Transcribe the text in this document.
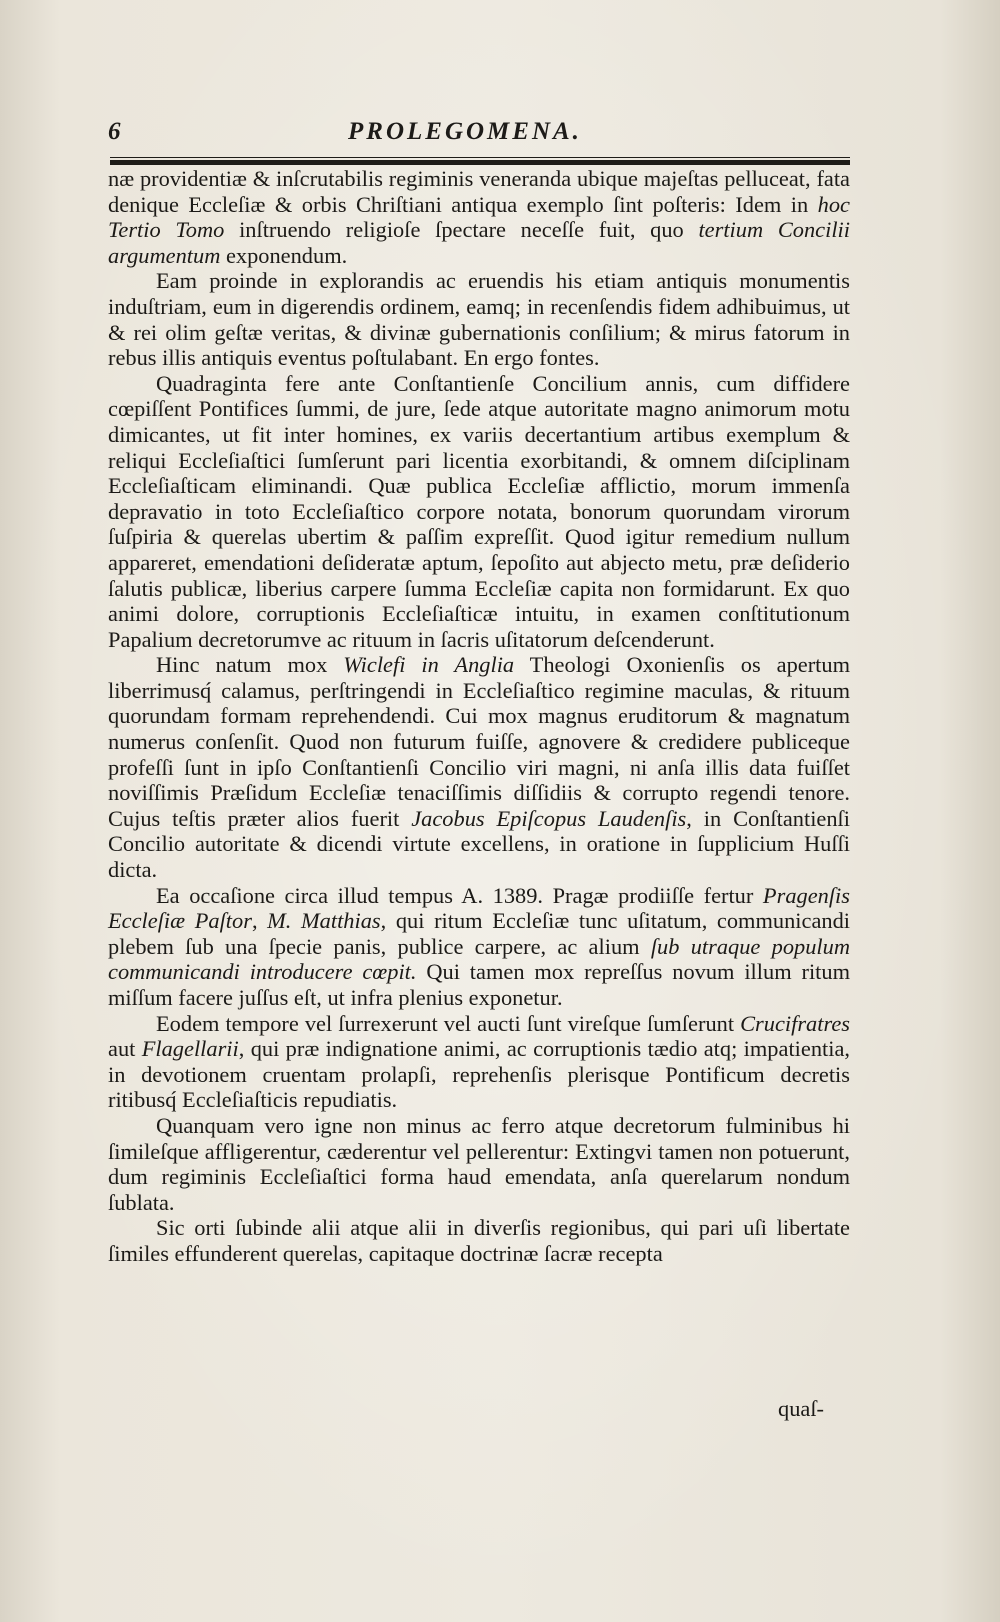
6	PROLEGOMENA.

næ providentiæ & inſcrutabilis regiminis veneranda ubique majeſtas pelluceat, fata denique Eccleſiæ & orbis Chriſtiani antiqua exemplo ſint poſteris: Idem in hoc Tertio Tomo inſtruendo religioſe ſpectare neceſſe fuit, quo tertium Concilii argumentum exponendum.

Eam proinde in explorandis ac eruendis his etiam antiquis monumentis induſtriam, eum in digerendis ordinem, eamq; in recenſendis fidem adhibuimus, ut & rei olim geſtæ veritas, & divinæ gubernationis conſilium; & mirus fatorum in rebus illis antiquis eventus poſtulabant. En ergo fontes.

Quadraginta fere ante Conſtantienſe Concilium annis, cum diffidere cœpiſſent Pontifices ſummi, de jure, ſede atque autoritate magno animorum motu dimicantes, ut fit inter homines, ex variis decertantium artibus exemplum & reliqui Eccleſiaſtici ſumſerunt pari licentia exorbitandi, & omnem diſciplinam Eccleſiaſticam eliminandi. Quæ publica Eccleſiæ afflictio, morum immenſa depravatio in toto Eccleſiaſtico corpore notata, bonorum quorundam virorum ſuſpiria & querelas ubertim & paſſim expreſſit. Quod igitur remedium nullum appareret, emendationi deſideratæ aptum, ſepoſito aut abjecto metu, præ deſiderio ſalutis publicæ, liberius carpere ſumma Eccleſiæ capita non formidarunt. Ex quo animi dolore, corruptionis Eccleſiaſticæ intuitu, in examen conſtitutionum Papalium decretorumve ac rituum in ſacris uſitatorum deſcenderunt.

Hinc natum mox Wiclefi in Anglia Theologi Oxonienſis os apertum liberrimusq́ calamus, perſtringendi in Eccleſiaſtico regimine maculas, & rituum quorundam formam reprehendendi. Cui mox magnus eruditorum & magnatum numerus conſenſit. Quod non futurum fuiſſe, agnovere & credidere publiceque profeſſi ſunt in ipſo Conſtantienſi Concilio viri magni, ni anſa illis data fuiſſet noviſſimis Præſidum Eccleſiæ tenaciſſimis diſſidiis & corrupto regendi tenore. Cujus teſtis præter alios fuerit Jacobus Epiſcopus Laudenſis, in Conſtantienſi Concilio autoritate & dicendi virtute excellens, in oratione in ſupplicium Huſſi dicta.

Ea occaſione circa illud tempus A. 1389. Pragæ prodiiſſe fertur Pragenſis Eccleſiæ Paſtor, M. Matthias, qui ritum Eccleſiæ tunc uſitatum, communicandi plebem ſub una ſpecie panis, publice carpere, ac alium ſub utraque populum communicandi introducere cœpit. Qui tamen mox repreſſus novum illum ritum miſſum facere juſſus eſt, ut infra plenius exponetur.

Eodem tempore vel ſurrexerunt vel aucti ſunt vireſque ſumſerunt Crucifratres aut Flagellarii, qui præ indignatione animi, ac corruptionis tædio atq; impatientia, in devotionem cruentam prolapſi, reprehenſis plerisque Pontificum decretis ritibusq́ Eccleſiaſticis repudiatis.

Quanquam vero igne non minus ac ferro atque decretorum fulminibus hi ſimileſque affligerentur, cæderentur vel pellerentur: Extingvi tamen non potuerunt, dum regiminis Eccleſiaſtici forma haud emendata, anſa querelarum nondum ſublata.

Sic orti ſubinde alii atque alii in diverſis regionibus, qui pari uſi libertate ſimiles effunderent querelas, capitaque doctrinæ ſacræ recepta

quaſ-
